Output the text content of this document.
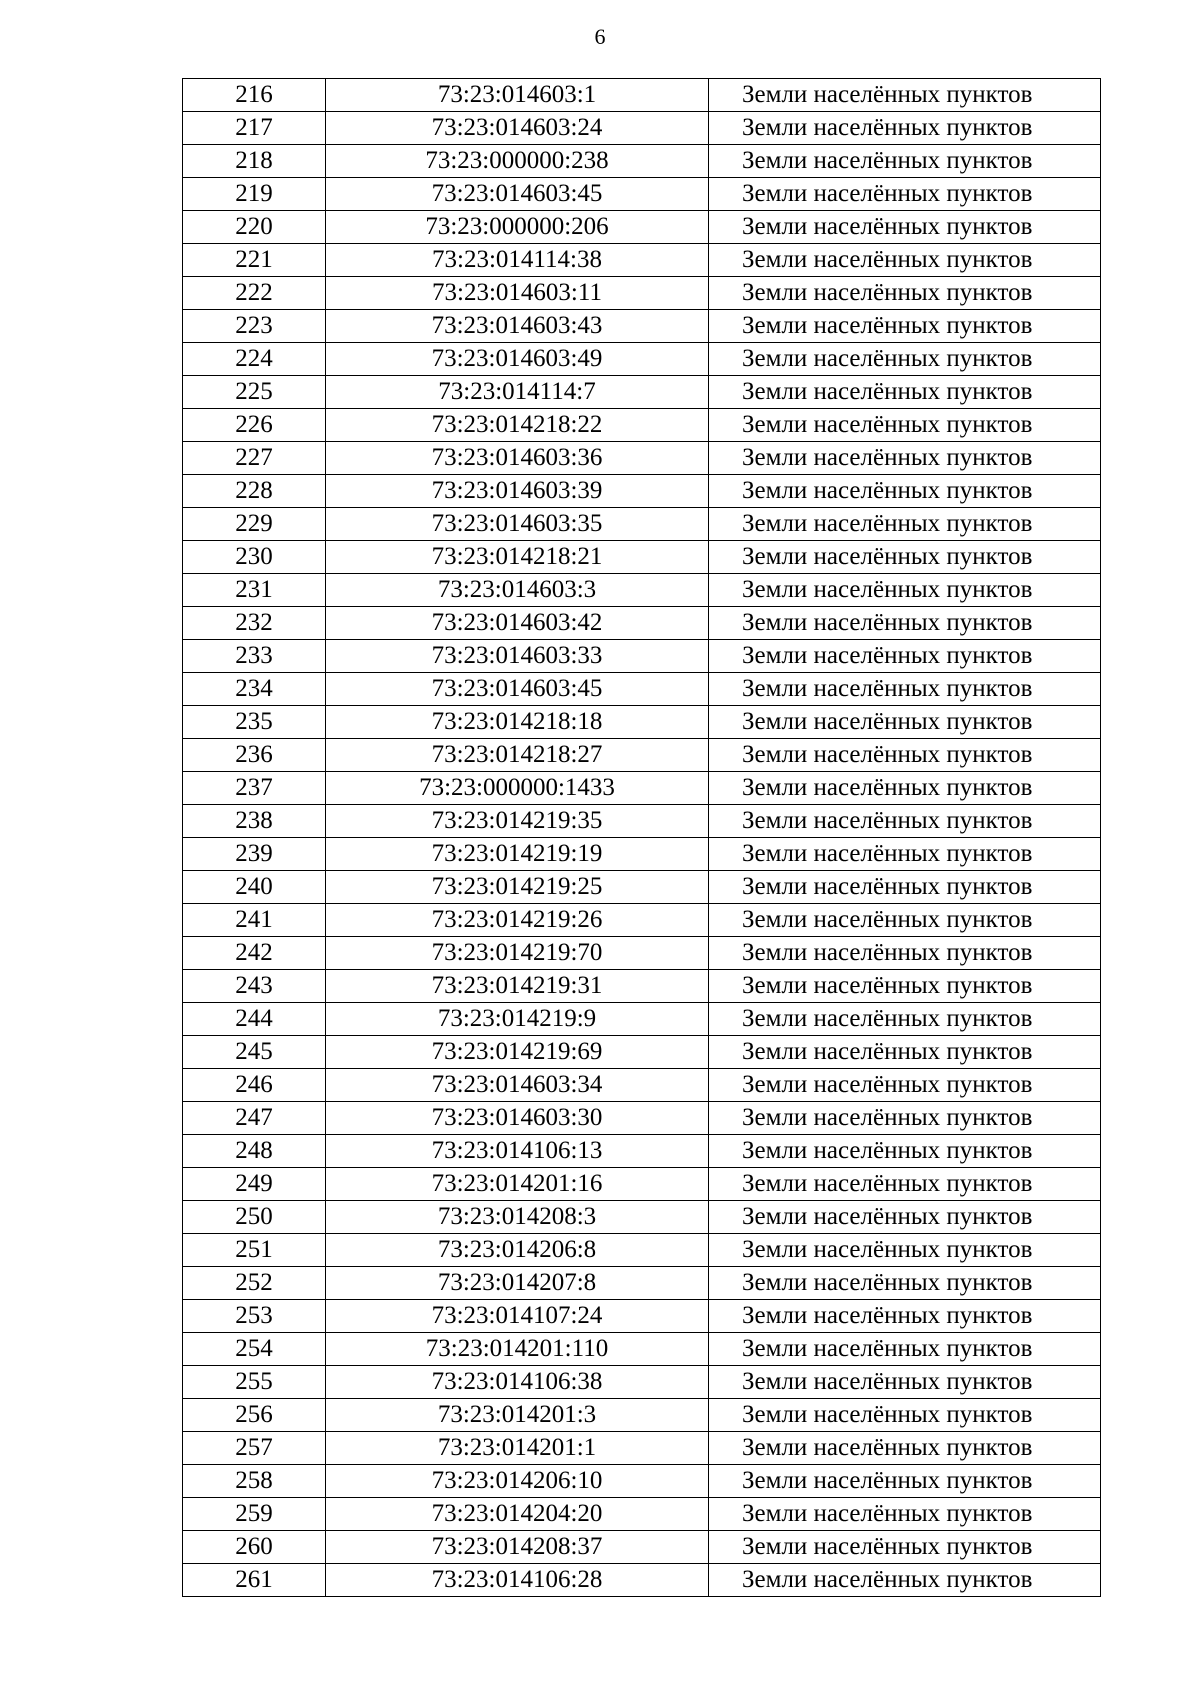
6
216	73:23:014603:1	Земли населённых пунктов
217	73:23:014603:24	Земли населённых пунктов
218	73:23:000000:238	Земли населённых пунктов
219	73:23:014603:45	Земли населённых пунктов
220	73:23:000000:206	Земли населённых пунктов
221	73:23:014114:38	Земли населённых пунктов
222	73:23:014603:11	Земли населённых пунктов
223	73:23:014603:43	Земли населённых пунктов
224	73:23:014603:49	Земли населённых пунктов
225	73:23:014114:7	Земли населённых пунктов
226	73:23:014218:22	Земли населённых пунктов
227	73:23:014603:36	Земли населённых пунктов
228	73:23:014603:39	Земли населённых пунктов
229	73:23:014603:35	Земли населённых пунктов
230	73:23:014218:21	Земли населённых пунктов
231	73:23:014603:3	Земли населённых пунктов
232	73:23:014603:42	Земли населённых пунктов
233	73:23:014603:33	Земли населённых пунктов
234	73:23:014603:45	Земли населённых пунктов
235	73:23:014218:18	Земли населённых пунктов
236	73:23:014218:27	Земли населённых пунктов
237	73:23:000000:1433	Земли населённых пунктов
238	73:23:014219:35	Земли населённых пунктов
239	73:23:014219:19	Земли населённых пунктов
240	73:23:014219:25	Земли населённых пунктов
241	73:23:014219:26	Земли населённых пунктов
242	73:23:014219:70	Земли населённых пунктов
243	73:23:014219:31	Земли населённых пунктов
244	73:23:014219:9	Земли населённых пунктов
245	73:23:014219:69	Земли населённых пунктов
246	73:23:014603:34	Земли населённых пунктов
247	73:23:014603:30	Земли населённых пунктов
248	73:23:014106:13	Земли населённых пунктов
249	73:23:014201:16	Земли населённых пунктов
250	73:23:014208:3	Земли населённых пунктов
251	73:23:014206:8	Земли населённых пунктов
252	73:23:014207:8	Земли населённых пунктов
253	73:23:014107:24	Земли населённых пунктов
254	73:23:014201:110	Земли населённых пунктов
255	73:23:014106:38	Земли населённых пунктов
256	73:23:014201:3	Земли населённых пунктов
257	73:23:014201:1	Земли населённых пунктов
258	73:23:014206:10	Земли населённых пунктов
259	73:23:014204:20	Земли населённых пунктов
260	73:23:014208:37	Земли населённых пунктов
261	73:23:014106:28	Земли населённых пунктов
